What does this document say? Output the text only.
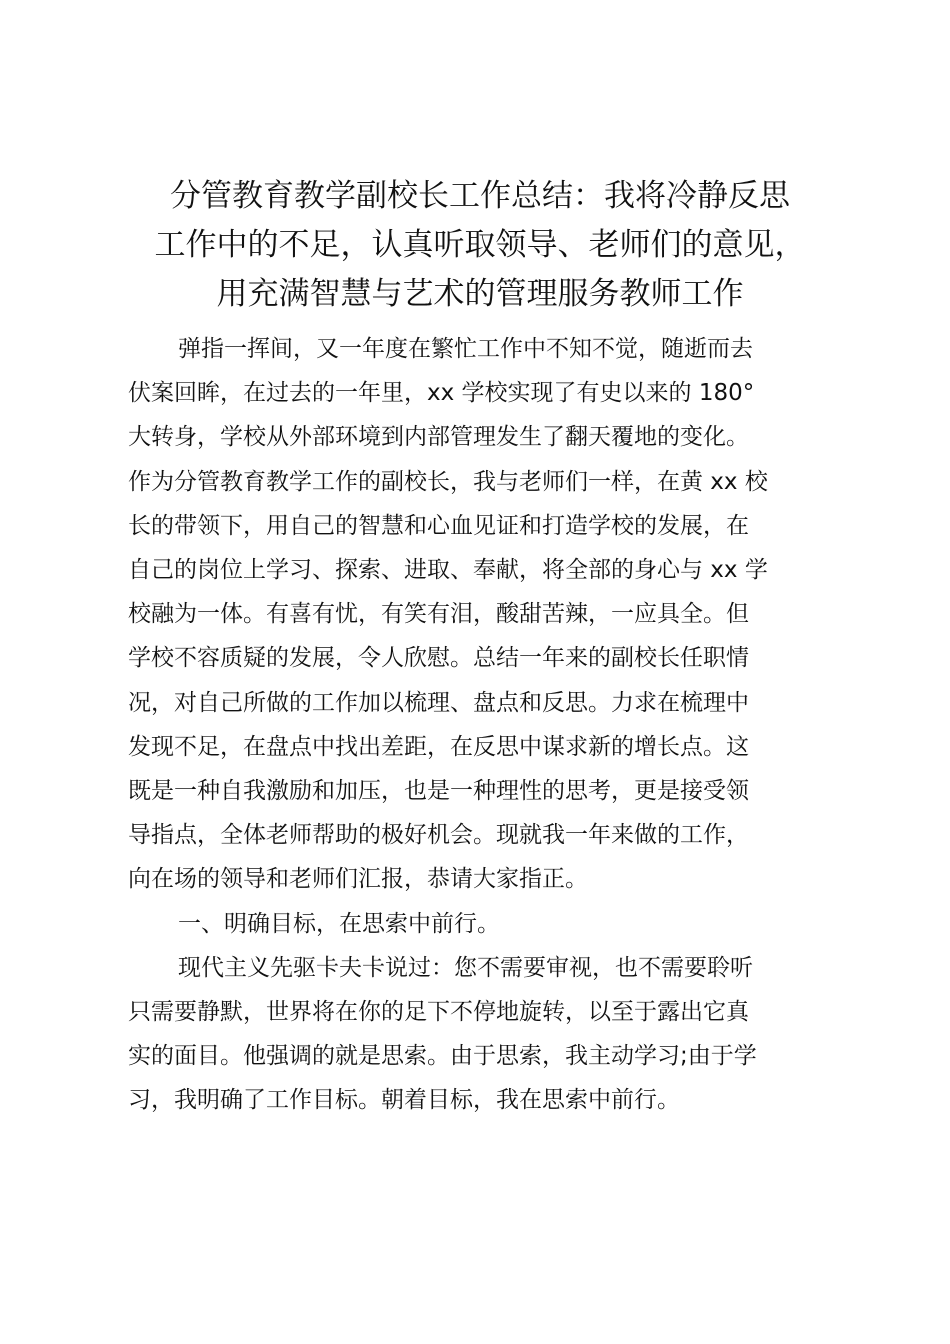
分管教育教学副校长工作总结：我将冷静反思
工作中的不足，认真听取领导、老师们的意见，
用充满智慧与艺术的管理服务教师工作

弹指一挥间，又一年度在繁忙工作中不知不觉，随逝而去
伏案回眸，在过去的一年里，xx 学校实现了有史以来的 180°
大转身，学校从外部环境到内部管理发生了翻天覆地的变化。
作为分管教育教学工作的副校长，我与老师们一样，在黄 xx 校
长的带领下，用自己的智慧和心血见证和打造学校的发展，在
自己的岗位上学习、探索、进取、奉献，将全部的身心与 xx 学
校融为一体。有喜有忧，有笑有泪，酸甜苦辣，一应具全。但
学校不容质疑的发展，令人欣慰。总结一年来的副校长任职情
况，对自己所做的工作加以梳理、盘点和反思。力求在梳理中
发现不足，在盘点中找出差距，在反思中谋求新的增长点。这
既是一种自我激励和加压，也是一种理性的思考，更是接受领
导指点，全体老师帮助的极好机会。现就我一年来做的工作，
向在场的领导和老师们汇报，恭请大家指正。

一、明确目标，在思索中前行。

现代主义先驱卡夫卡说过：您不需要审视，也不需要聆听
只需要静默，世界将在你的足下不停地旋转，以至于露出它真
实的面目。他强调的就是思索。由于思索，我主动学习;由于学
习，我明确了工作目标。朝着目标，我在思索中前行。
